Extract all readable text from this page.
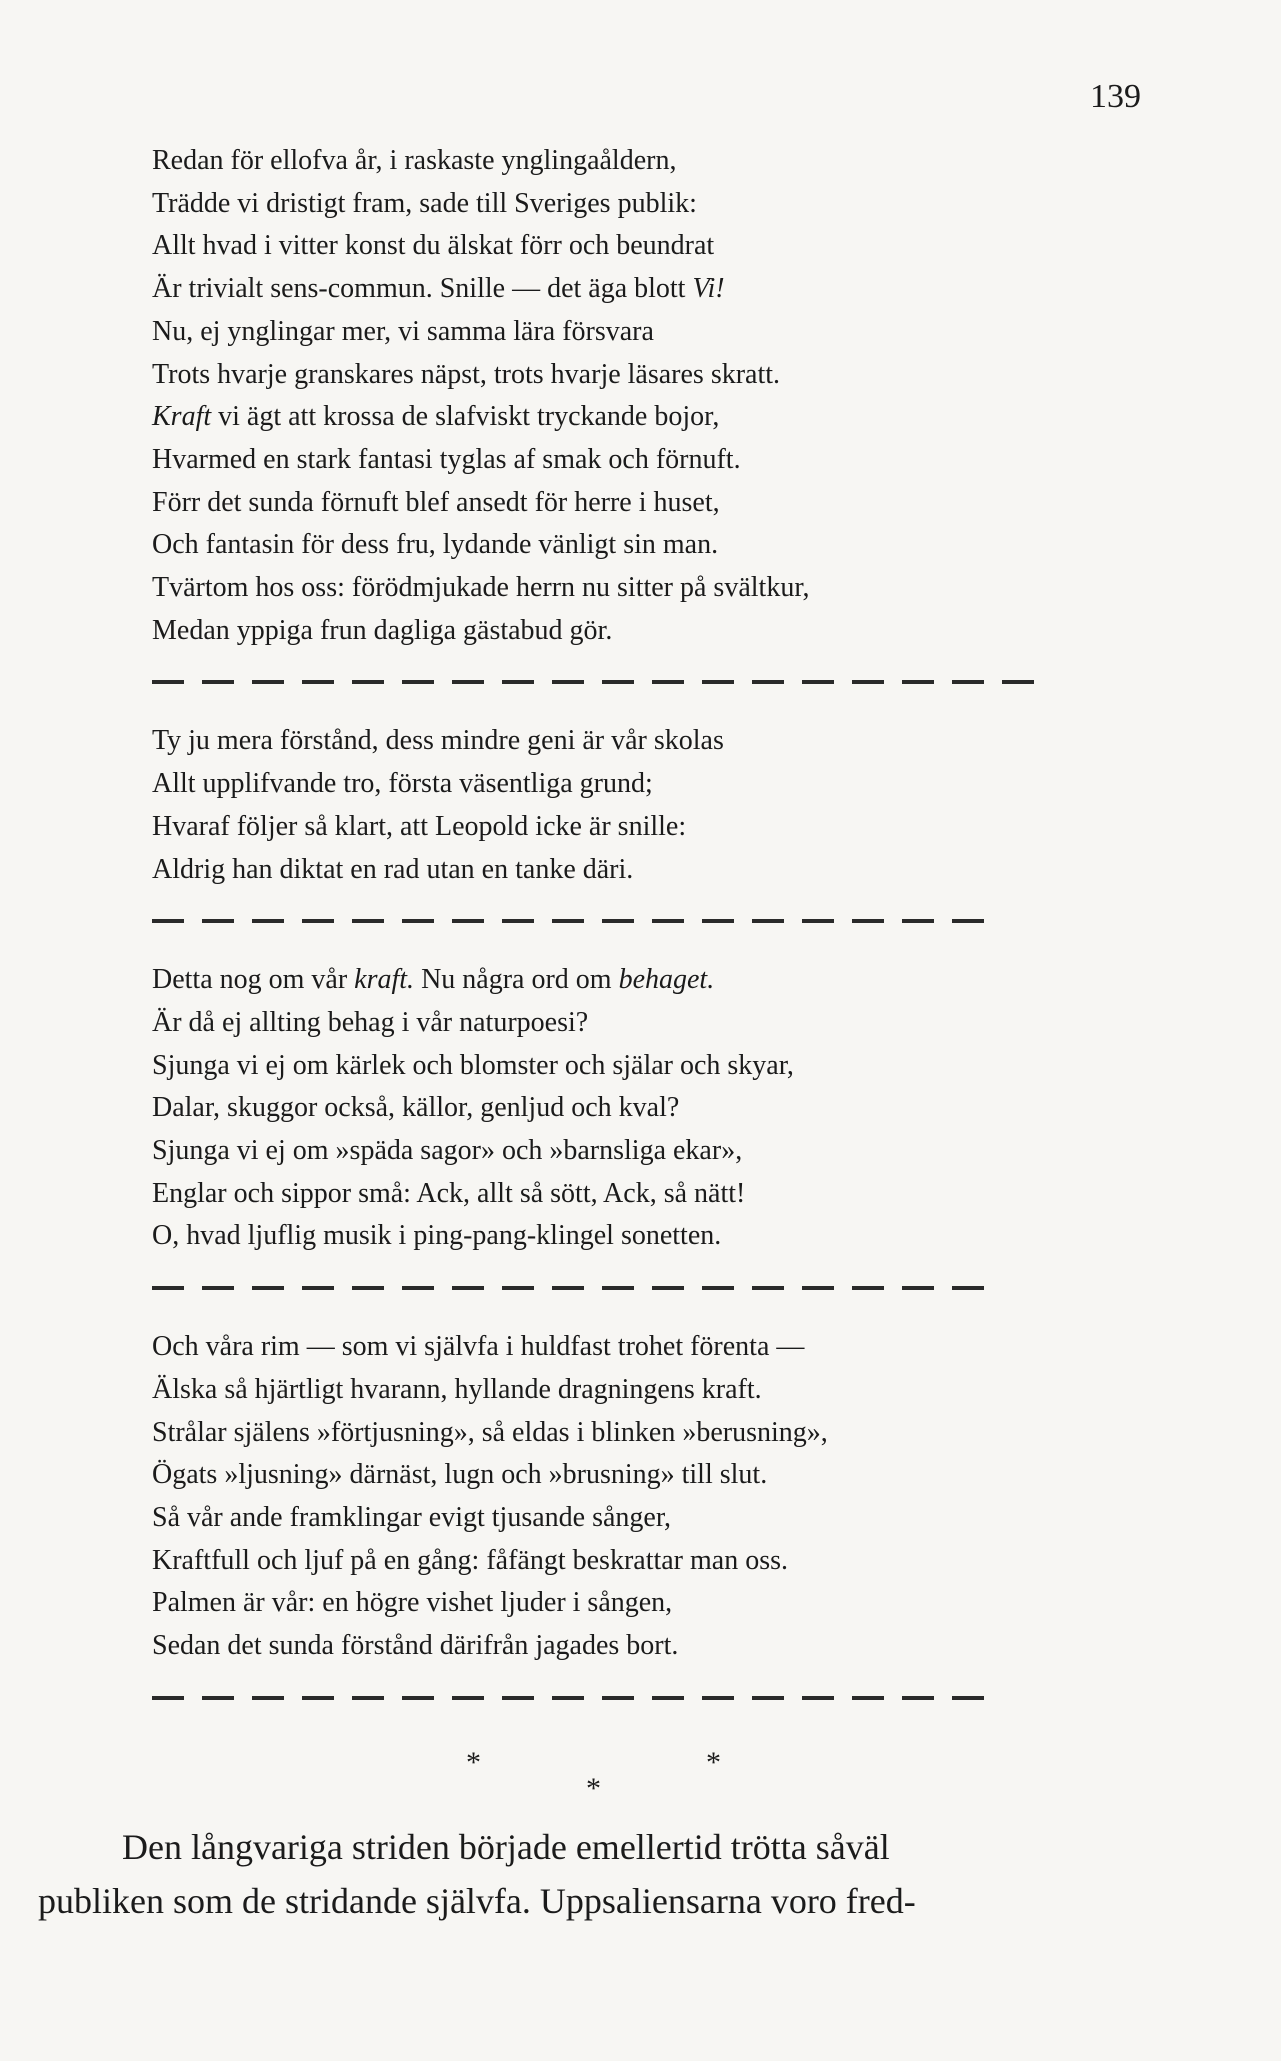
139
Redan för ellofva år, i raskaste ynglingaåldern,
Trädde vi dristigt fram, sade till Sveriges publik:
Allt hvad i vitter konst du älskat förr och beundrat
Är trivialt sens-commun. Snille — det äga blott Vi!
Nu, ej ynglingar mer, vi samma lära försvara
Trots hvarje granskares näpst, trots hvarje läsares skratt.
Kraft vi ägt att krossa de slafviskt tryckande bojor,
Hvarmed en stark fantasi tyglas af smak och förnuft.
Förr det sunda förnuft blef ansedt för herre i huset,
Och fantasin för dess fru, lydande vänligt sin man.
Tvärtom hos oss: förödmjukade herrn nu sitter på svältkur,
Medan yppiga frun dagliga gästabud gör.
Ty ju mera förstånd, dess mindre geni är vår skolas
Allt upplifvande tro, första väsentliga grund;
Hvaraf följer så klart, att Leopold icke är snille:
Aldrig han diktat en rad utan en tanke däri.
Detta nog om vår kraft. Nu några ord om behaget.
Är då ej allting behag i vår naturpoesi?
Sjunga vi ej om kärlek och blomster och själar och skyar,
Dalar, skuggor också, källor, genljud och kval?
Sjunga vi ej om »späda sagor» och »barnsliga ekar»,
Englar och sippor små: Ack, allt så sött, Ack, så nätt!
O, hvad ljuflig musik i ping-pang-klingel sonetten.
Och våra rim — som vi självfa i huldfast trohet förenta —
Älska så hjärtligt hvarann, hyllande dragningens kraft.
Strålar själens »förtjusning», så eldas i blinken »berusning»,
Ögats »ljusning» därnäst, lugn och »brusning» till slut.
Så vår ande framklingar evigt tjusande sånger,
Kraftfull och ljuf på en gång: fåfängt beskrattar man oss.
Palmen är vår: en högre vishet ljuder i sången,
Sedan det sunda förstånd därifrån jagades bort.
*	*
*
Den långvariga striden började emellertid trötta såväl
publiken som de stridande självfa. Uppsaliensarna voro fred-
